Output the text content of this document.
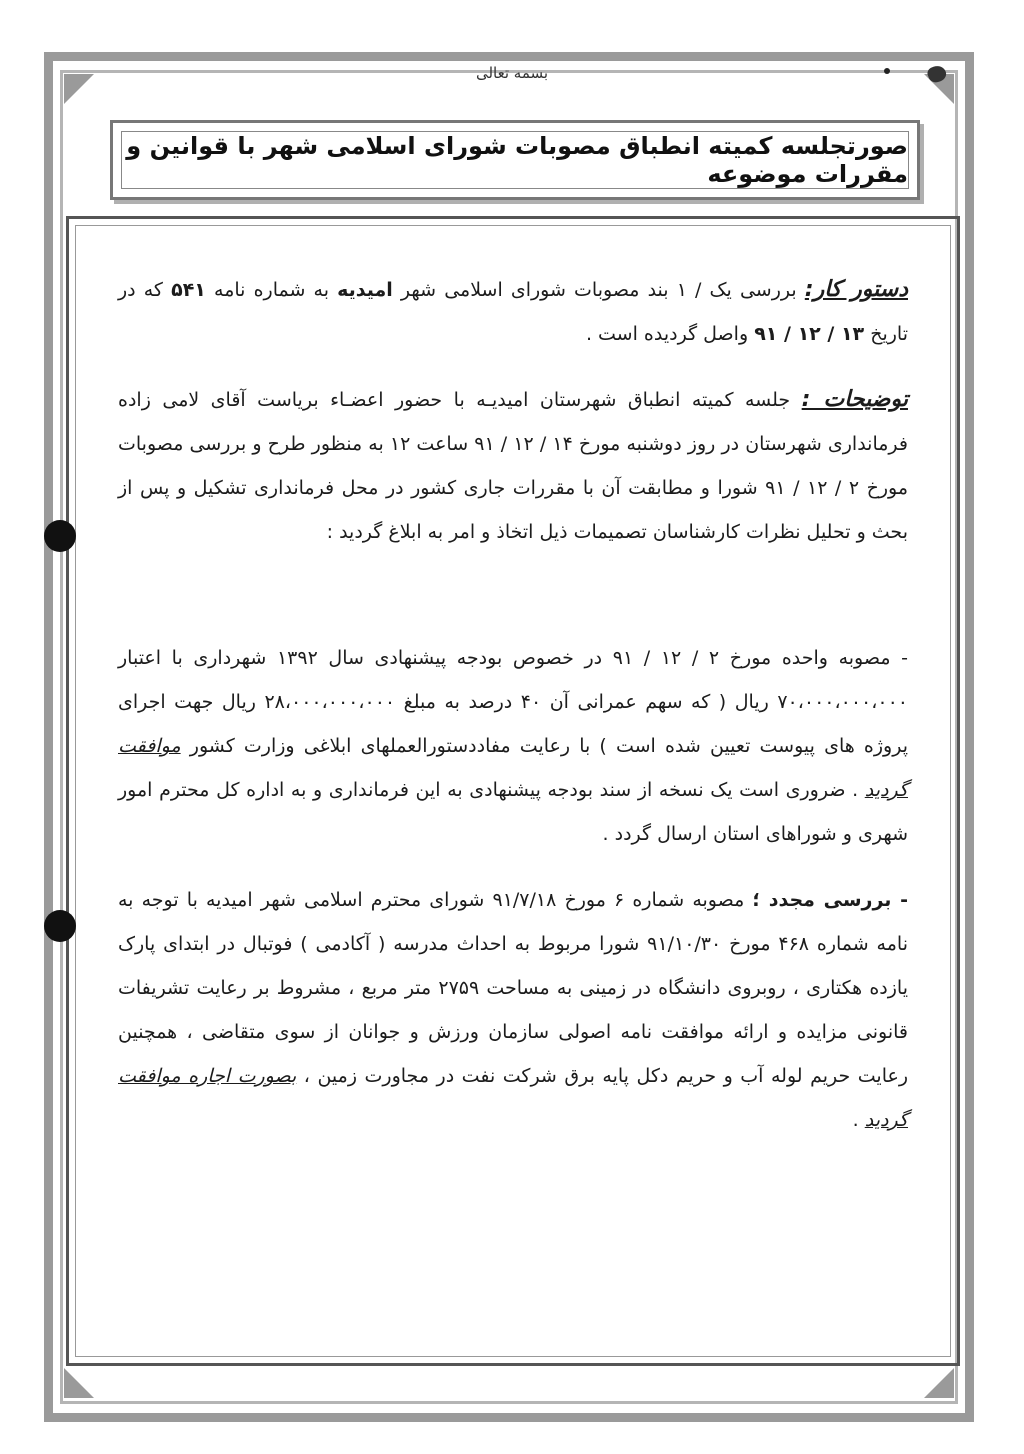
بسمه تعالی
صورتجلسه کمیته انطباق مصوبات شورای اسلامی شهر با قوانین و مقررات موضوعه

دستور کار: بررسی یک / ۱ بند مصوبات شورای اسلامی شهر امیدیه به شماره نامه ۵۴۱ که در تاریخ ۱۳ / ۱۲ / ۹۱ واصل گردیده است .

توضیحات : جلسه کمیته انطباق شهرستان امیدیـه با حضور اعضـاء بریاست آقای لامی زاده فرمانداری شهرستان در روز دوشنبه مورخ ۱۴ / ۱۲ / ۹۱ ساعت ۱۲ به منظور طرح و بررسی مصوبات مورخ ۲ / ۱۲ / ۹۱ شورا و مطابقت آن با مقررات جاری کشور در محل فرمانداری تشکیل و پس از بحث و تحلیل نظرات کارشناسان تصمیمات ذیل اتخاذ و امر به ابلاغ گردید :

- مصوبه واحده مورخ ۲ / ۱۲ / ۹۱ در خصوص بودجه پیشنهادی سال ۱۳۹۲ شهرداری با اعتبار ۷۰،۰۰۰،۰۰۰،۰۰۰ ریال ( که سهم عمرانی آن ۴۰ درصد به مبلغ ۲۸،۰۰۰،۰۰۰،۰۰۰ ریال جهت اجرای پروژه های پیوست تعیین شده است ) با رعایت مفاددستورالعملهای ابلاغی وزارت کشور موافقت گردید . ضروری است یک نسخه از سند بودجه پیشنهادی به این فرمانداری و به اداره کل محترم امور شهری و شوراهای استان ارسال گردد .

- بررسی مجدد ؛ مصوبه شماره ۶ مورخ ۹۱/۷/۱۸ شورای محترم اسلامی شهر امیدیه با توجه به نامه شماره ۴۶۸ مورخ ۹۱/۱۰/۳۰ شورا مربوط به احداث مدرسه ( آکادمی ) فوتبال در ابتدای پارک یازده هکتاری ، روبروی دانشگاه در زمینی به مساحت ۲۷۵۹ متر مربع ، مشروط بر رعایت تشریفات قانونی مزایده و ارائه موافقت نامه اصولی سازمان ورزش و جوانان از سوی متقاضی ، همچنین رعایت حریم لوله آب و حریم دکل پایه برق شرکت نفت در مجاورت زمین ، بصورت اجاره موافقت گردید .
